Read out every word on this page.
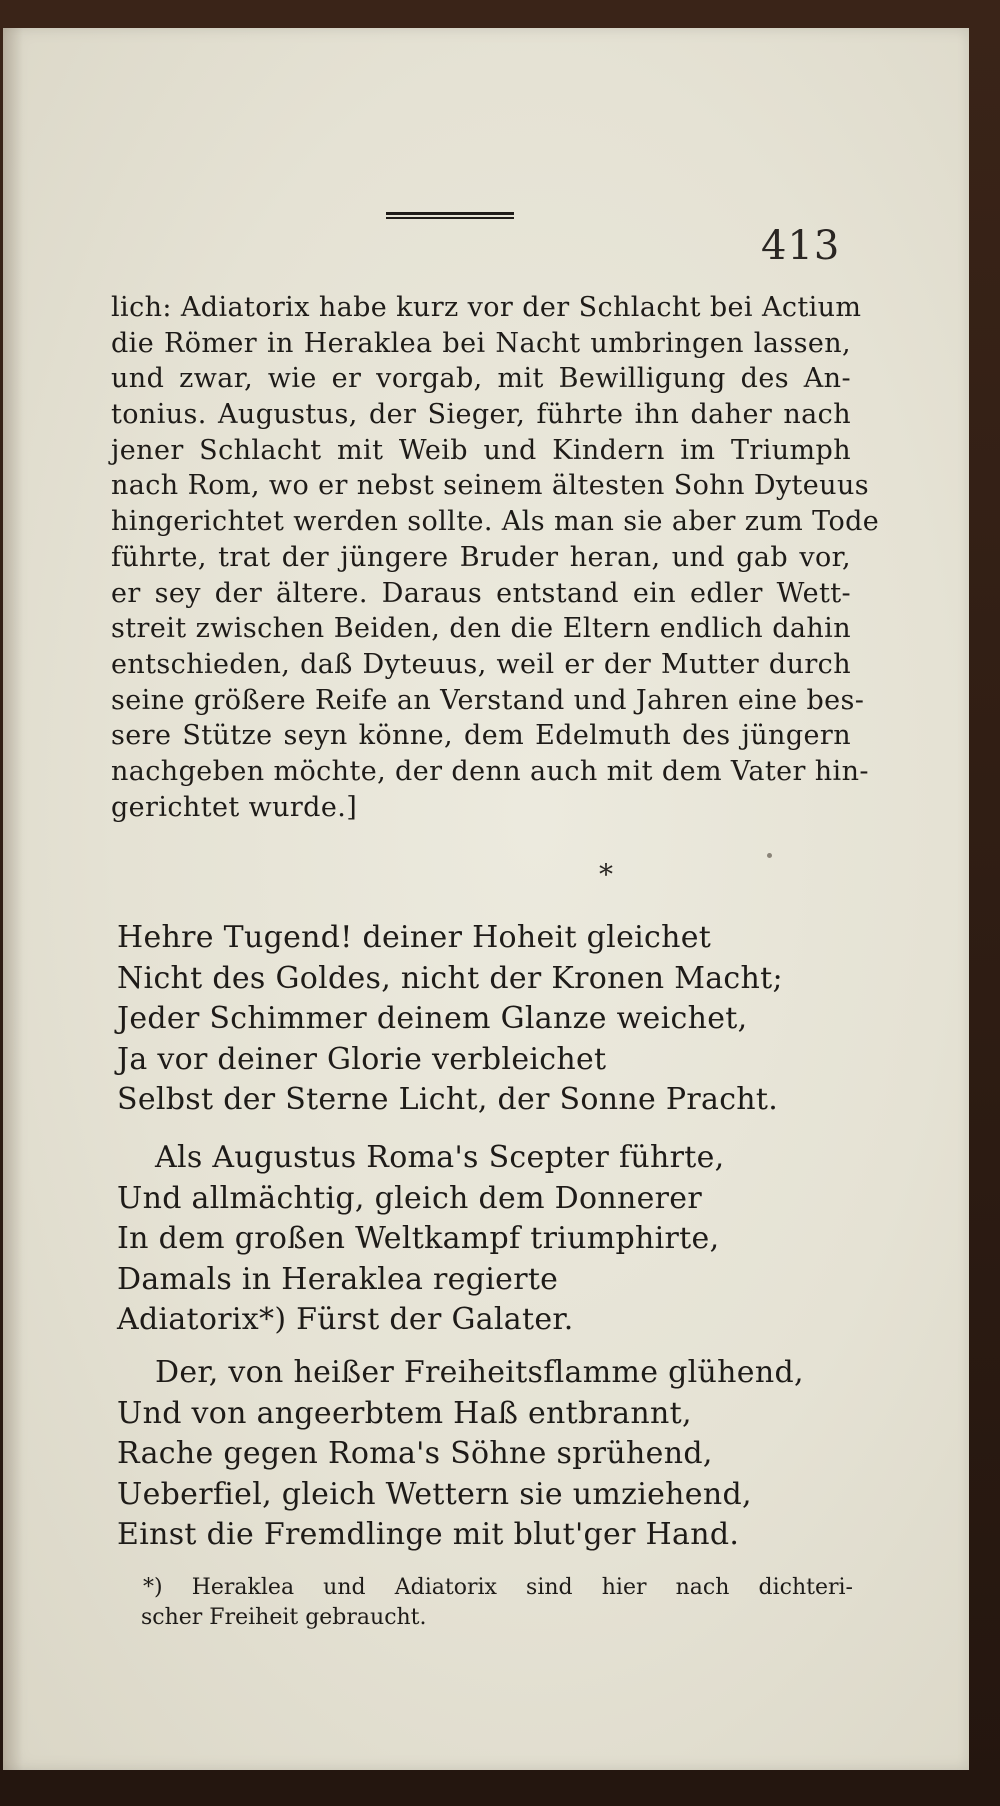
413
lich: Adiatorix habe kurz vor der Schlacht bei Actium
die Römer in Heraklea bei Nacht umbringen lassen,
und zwar, wie er vorgab, mit Bewilligung des An-
tonius. Augustus, der Sieger, führte ihn daher nach
jener Schlacht mit Weib und Kindern im Triumph
nach Rom, wo er nebst seinem ältesten Sohn Dyteuus
hingerichtet werden sollte. Als man sie aber zum Tode
führte, trat der jüngere Bruder heran, und gab vor,
er sey der ältere. Daraus entstand ein edler Wett-
streit zwischen Beiden, den die Eltern endlich dahin
entschieden, daß Dyteuus, weil er der Mutter durch
seine größere Reife an Verstand und Jahren eine bes-
sere Stütze seyn könne, dem Edelmuth des jüngern
nachgeben möchte, der denn auch mit dem Vater hin-
gerichtet wurde.]
*
Hehre Tugend! deiner Hoheit gleichet
Nicht des Goldes, nicht der Kronen Macht;
Jeder Schimmer deinem Glanze weichet,
Ja vor deiner Glorie verbleichet
Selbst der Sterne Licht, der Sonne Pracht.
Als Augustus Roma's Scepter führte,
Und allmächtig, gleich dem Donnerer
In dem großen Weltkampf triumphirte,
Damals in Heraklea regierte
Adiatorix*) Fürst der Galater.
Der, von heißer Freiheitsflamme glühend,
Und von angeerbtem Haß entbrannt,
Rache gegen Roma's Söhne sprühend,
Ueberfiel, gleich Wettern sie umziehend,
Einst die Fremdlinge mit blut'ger Hand.
*) Heraklea und Adiatorix sind hier nach dichteri-
scher Freiheit gebraucht.
